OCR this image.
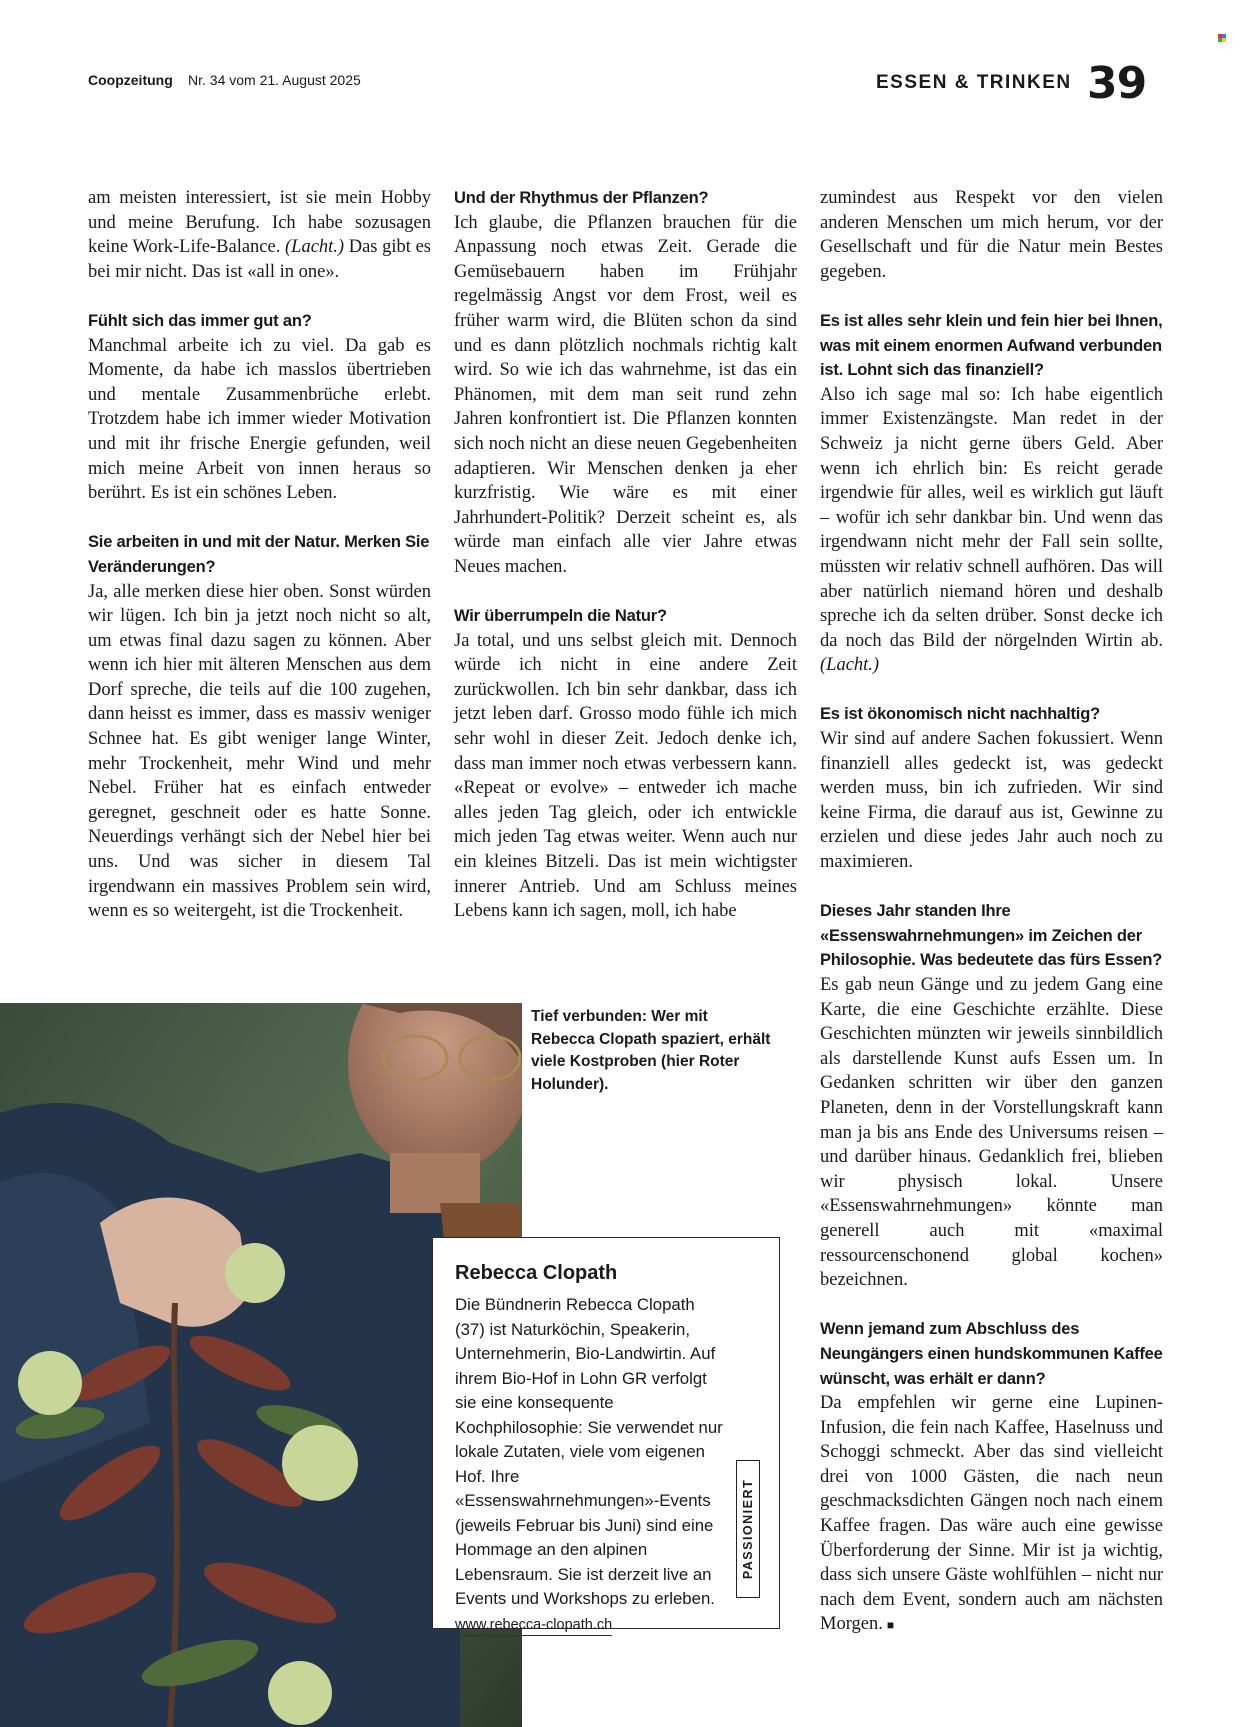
Coopzeitung Nr. 34 vom 21. August 2025	ESSEN & TRINKEN 39

am meisten interessiert, ist sie mein Hobby und meine Berufung. Ich habe sozusagen keine Work-Life-Balance. (Lacht.) Das gibt es bei mir nicht. Das ist «all in one».

Fühlt sich das immer gut an?

Manchmal arbeite ich zu viel. Da gab es Momente, da habe ich masslos übertrieben und mentale Zusammenbrüche erlebt. Trotzdem habe ich immer wieder Motivation und mit ihr frische Energie gefunden, weil mich meine Arbeit von innen heraus so berührt. Es ist ein schönes Leben.

Sie arbeiten in und mit der Natur. Merken Sie Veränderungen?

Ja, alle merken diese hier oben. Sonst würden wir lügen. Ich bin ja jetzt noch nicht so alt, um etwas final dazu sagen zu können. Aber wenn ich hier mit älteren Menschen aus dem Dorf spreche, die teils auf die 100 zugehen, dann heisst es immer, dass es massiv weniger Schnee hat. Es gibt weniger lange Winter, mehr Trockenheit, mehr Wind und mehr Nebel. Früher hat es einfach entweder geregnet, geschneit oder es hatte Sonne. Neuerdings verhängt sich der Nebel hier bei uns. Und was sicher in diesem Tal irgendwann ein massives Problem sein wird, wenn es so weitergeht, ist die Trockenheit.

Und der Rhythmus der Pflanzen?

Ich glaube, die Pflanzen brauchen für die Anpassung noch etwas Zeit. Gerade die Gemüsebauern haben im Frühjahr regelmässig Angst vor dem Frost, weil es früher warm wird, die Blüten schon da sind und es dann plötzlich nochmals richtig kalt wird. So wie ich das wahrnehme, ist das ein Phänomen, mit dem man seit rund zehn Jahren konfrontiert ist. Die Pflanzen konnten sich noch nicht an diese neuen Gegebenheiten adaptieren. Wir Menschen denken ja eher kurzfristig. Wie wäre es mit einer Jahrhundert-Politik? Derzeit scheint es, als würde man einfach alle vier Jahre etwas Neues machen.

Wir überrumpeln die Natur?

Ja total, und uns selbst gleich mit. Dennoch würde ich nicht in eine andere Zeit zurückwollen. Ich bin sehr dankbar, dass ich jetzt leben darf. Grosso modo fühle ich mich sehr wohl in dieser Zeit. Jedoch denke ich, dass man immer noch etwas verbessern kann. «Repeat or evolve» – entweder ich mache alles jeden Tag gleich, oder ich entwickle mich jeden Tag etwas weiter. Wenn auch nur ein kleines Bitzeli. Das ist mein wichtigster innerer Antrieb. Und am Schluss meines Lebens kann ich sagen, moll, ich habe

zumindest aus Respekt vor den vielen anderen Menschen um mich herum, vor der Gesellschaft und für die Natur mein Bestes gegeben.

Es ist alles sehr klein und fein hier bei Ihnen, was mit einem enormen Aufwand verbunden ist. Lohnt sich das finanziell?

Also ich sage mal so: Ich habe eigentlich immer Existenzängste. Man redet in der Schweiz ja nicht gerne übers Geld. Aber wenn ich ehrlich bin: Es reicht gerade irgendwie für alles, weil es wirklich gut läuft – wofür ich sehr dankbar bin. Und wenn das irgendwann nicht mehr der Fall sein sollte, müssten wir relativ schnell aufhören. Das will aber natürlich niemand hören und deshalb spreche ich da selten drüber. Sonst decke ich da noch das Bild der nörgelnden Wirtin ab. (Lacht.)

Es ist ökonomisch nicht nachhaltig?

Wir sind auf andere Sachen fokussiert. Wenn finanziell alles gedeckt ist, was gedeckt werden muss, bin ich zufrieden. Wir sind keine Firma, die darauf aus ist, Gewinne zu erzielen und diese jedes Jahr auch noch zu maximieren.

Dieses Jahr standen Ihre «Essenswahrnehmungen» im Zeichen der Philosophie. Was bedeutete das fürs Essen?

Es gab neun Gänge und zu jedem Gang eine Karte, die eine Geschichte erzählte. Diese Geschichten münzten wir jeweils sinnbildlich als darstellende Kunst aufs Essen um. In Gedanken schritten wir über den ganzen Planeten, denn in der Vorstellungskraft kann man ja bis ans Ende des Universums reisen – und darüber hinaus. Gedanklich frei, blieben wir physisch lokal. Unsere «Essenswahrnehmungen» könnte man generell auch mit «maximal ressourcenschonend global kochen» bezeichnen.

Wenn jemand zum Abschluss des Neungängers einen hundskommunen Kaffee wünscht, was erhält er dann?

Da empfehlen wir gerne eine Lupinen-Infusion, die fein nach Kaffee, Haselnuss und Schoggi schmeckt. Aber das sind vielleicht drei von 1000 Gästen, die nach neun geschmacksdichten Gängen noch nach einem Kaffee fragen. Das wäre auch eine gewisse Überforderung der Sinne. Mir ist ja wichtig, dass sich unsere Gäste wohlfühlen – nicht nur nach dem Event, sondern auch am nächsten Morgen. ■

Tief verbunden: Wer mit Rebecca Clopath spaziert, erhält viele Kostproben (hier Roter Holunder).
Rebecca Clopath
Die Bündnerin Rebecca Clopath (37) ist Naturköchin, Speakerin, Unternehmerin, Bio-Landwirtin. Auf ihrem Bio-Hof in Lohn GR verfolgt sie eine konsequente Kochphilosophie: Sie verwendet nur lokale Zutaten, viele vom eigenen Hof. Ihre «Essenswahrnehmungen»-Events (jeweils Februar bis Juni) sind eine Hommage an den alpinen Lebensraum. Sie ist derzeit live an Events und Workshops zu erleben.
www.rebecca-clopath.ch
PASSIONIERT
